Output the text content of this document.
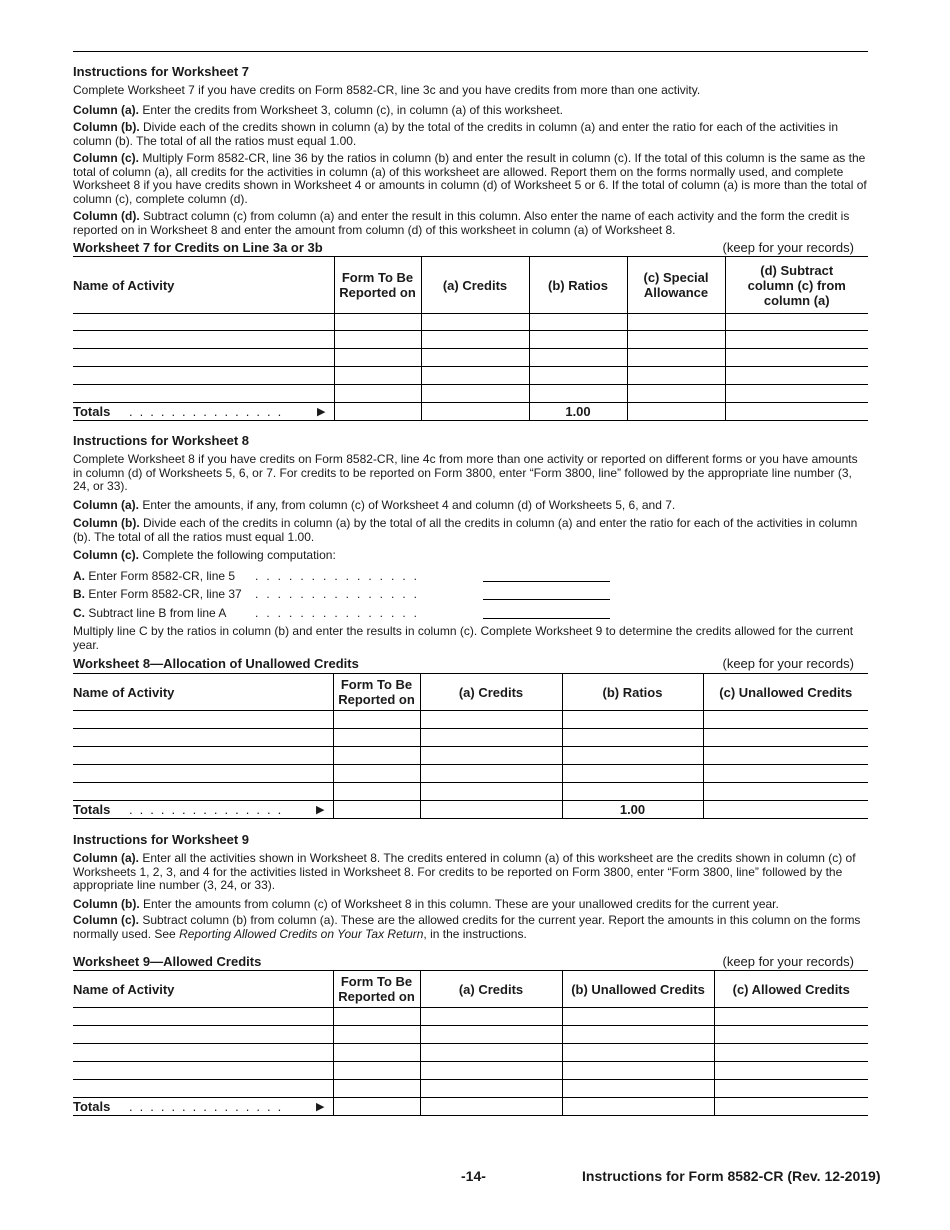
Instructions for Worksheet 7

Complete Worksheet 7 if you have credits on Form 8582-CR, line 3c and you have credits from more than one activity.

Column (a). Enter the credits from Worksheet 3, column (c), in column (a) of this worksheet.

Column (b). Divide each of the credits shown in column (a) by the total of the credits in column (a) and enter the ratio for each of the activities in column (b). The total of all the ratios must equal 1.00.

Column (c). Multiply Form 8582-CR, line 36 by the ratios in column (b) and enter the result in column (c). If the total of this column is the same as the total of column (a), all credits for the activities in column (a) of this worksheet are allowed. Report them on the forms normally used, and complete Worksheet 8 if you have credits shown in Worksheet 4 or amounts in column (d) of Worksheet 5 or 6. If the total of column (a) is more than the total of column (c), complete column (d).

Column (d). Subtract column (c) from column (a) and enter the result in this column. Also enter the name of each activity and the form the credit is reported on in Worksheet 8 and enter the amount from column (d) of this worksheet in column (a) of Worksheet 8.

Worksheet 7 for Credits on Line 3a or 3b	(keep for your records)
Name of Activity	Form To Be Reported on	(a) Credits	(b) Ratios	(c) Special Allowance	(d) Subtract column (c) from column (a)

Totals ............... ▶			1.00		

Instructions for Worksheet 8

Complete Worksheet 8 if you have credits on Form 8582-CR, line 4c from more than one activity or reported on different forms or you have amounts in column (d) of Worksheets 5, 6, or 7. For credits to be reported on Form 3800, enter “Form 3800, line” followed by the appropriate line number (3, 24, or 33).

Column (a). Enter the amounts, if any, from column (c) of Worksheet 4 and column (d) of Worksheets 5, 6, and 7.

Column (b). Divide each of the credits in column (a) by the total of all the credits in column (a) and enter the ratio for each of the activities in column (b). The total of all the ratios must equal 1.00.

Column (c). Complete the following computation:

A. Enter Form 8582-CR, line 5 ...............
B. Enter Form 8582-CR, line 37 ...............
C. Subtract line B from line A ...............

Multiply line C by the ratios in column (b) and enter the results in column (c). Complete Worksheet 9 to determine the credits allowed for the current year.

Worksheet 8—Allocation of Unallowed Credits	(keep for your records)
Name of Activity	Form To Be Reported on	(a) Credits	(b) Ratios	(c) Unallowed Credits

Totals ............... ▶			1.00	

Instructions for Worksheet 9

Column (a). Enter all the activities shown in Worksheet 8. The credits entered in column (a) of this worksheet are the credits shown in column (c) of Worksheets 1, 2, 3, and 4 for the activities listed in Worksheet 8. For credits to be reported on Form 3800, enter “Form 3800, line” followed by the appropriate line number (3, 24, or 33).

Column (b). Enter the amounts from column (c) of Worksheet 8 in this column. These are your unallowed credits for the current year.

Column (c). Subtract column (b) from column (a). These are the allowed credits for the current year. Report the amounts in this column on the forms normally used. See Reporting Allowed Credits on Your Tax Return, in the instructions.

Worksheet 9—Allowed Credits	(keep for your records)
Name of Activity	Form To Be Reported on	(a) Credits	(b) Unallowed Credits	(c) Allowed Credits

Totals ............... ▶				

-14-	Instructions for Form 8582-CR (Rev. 12-2019)
